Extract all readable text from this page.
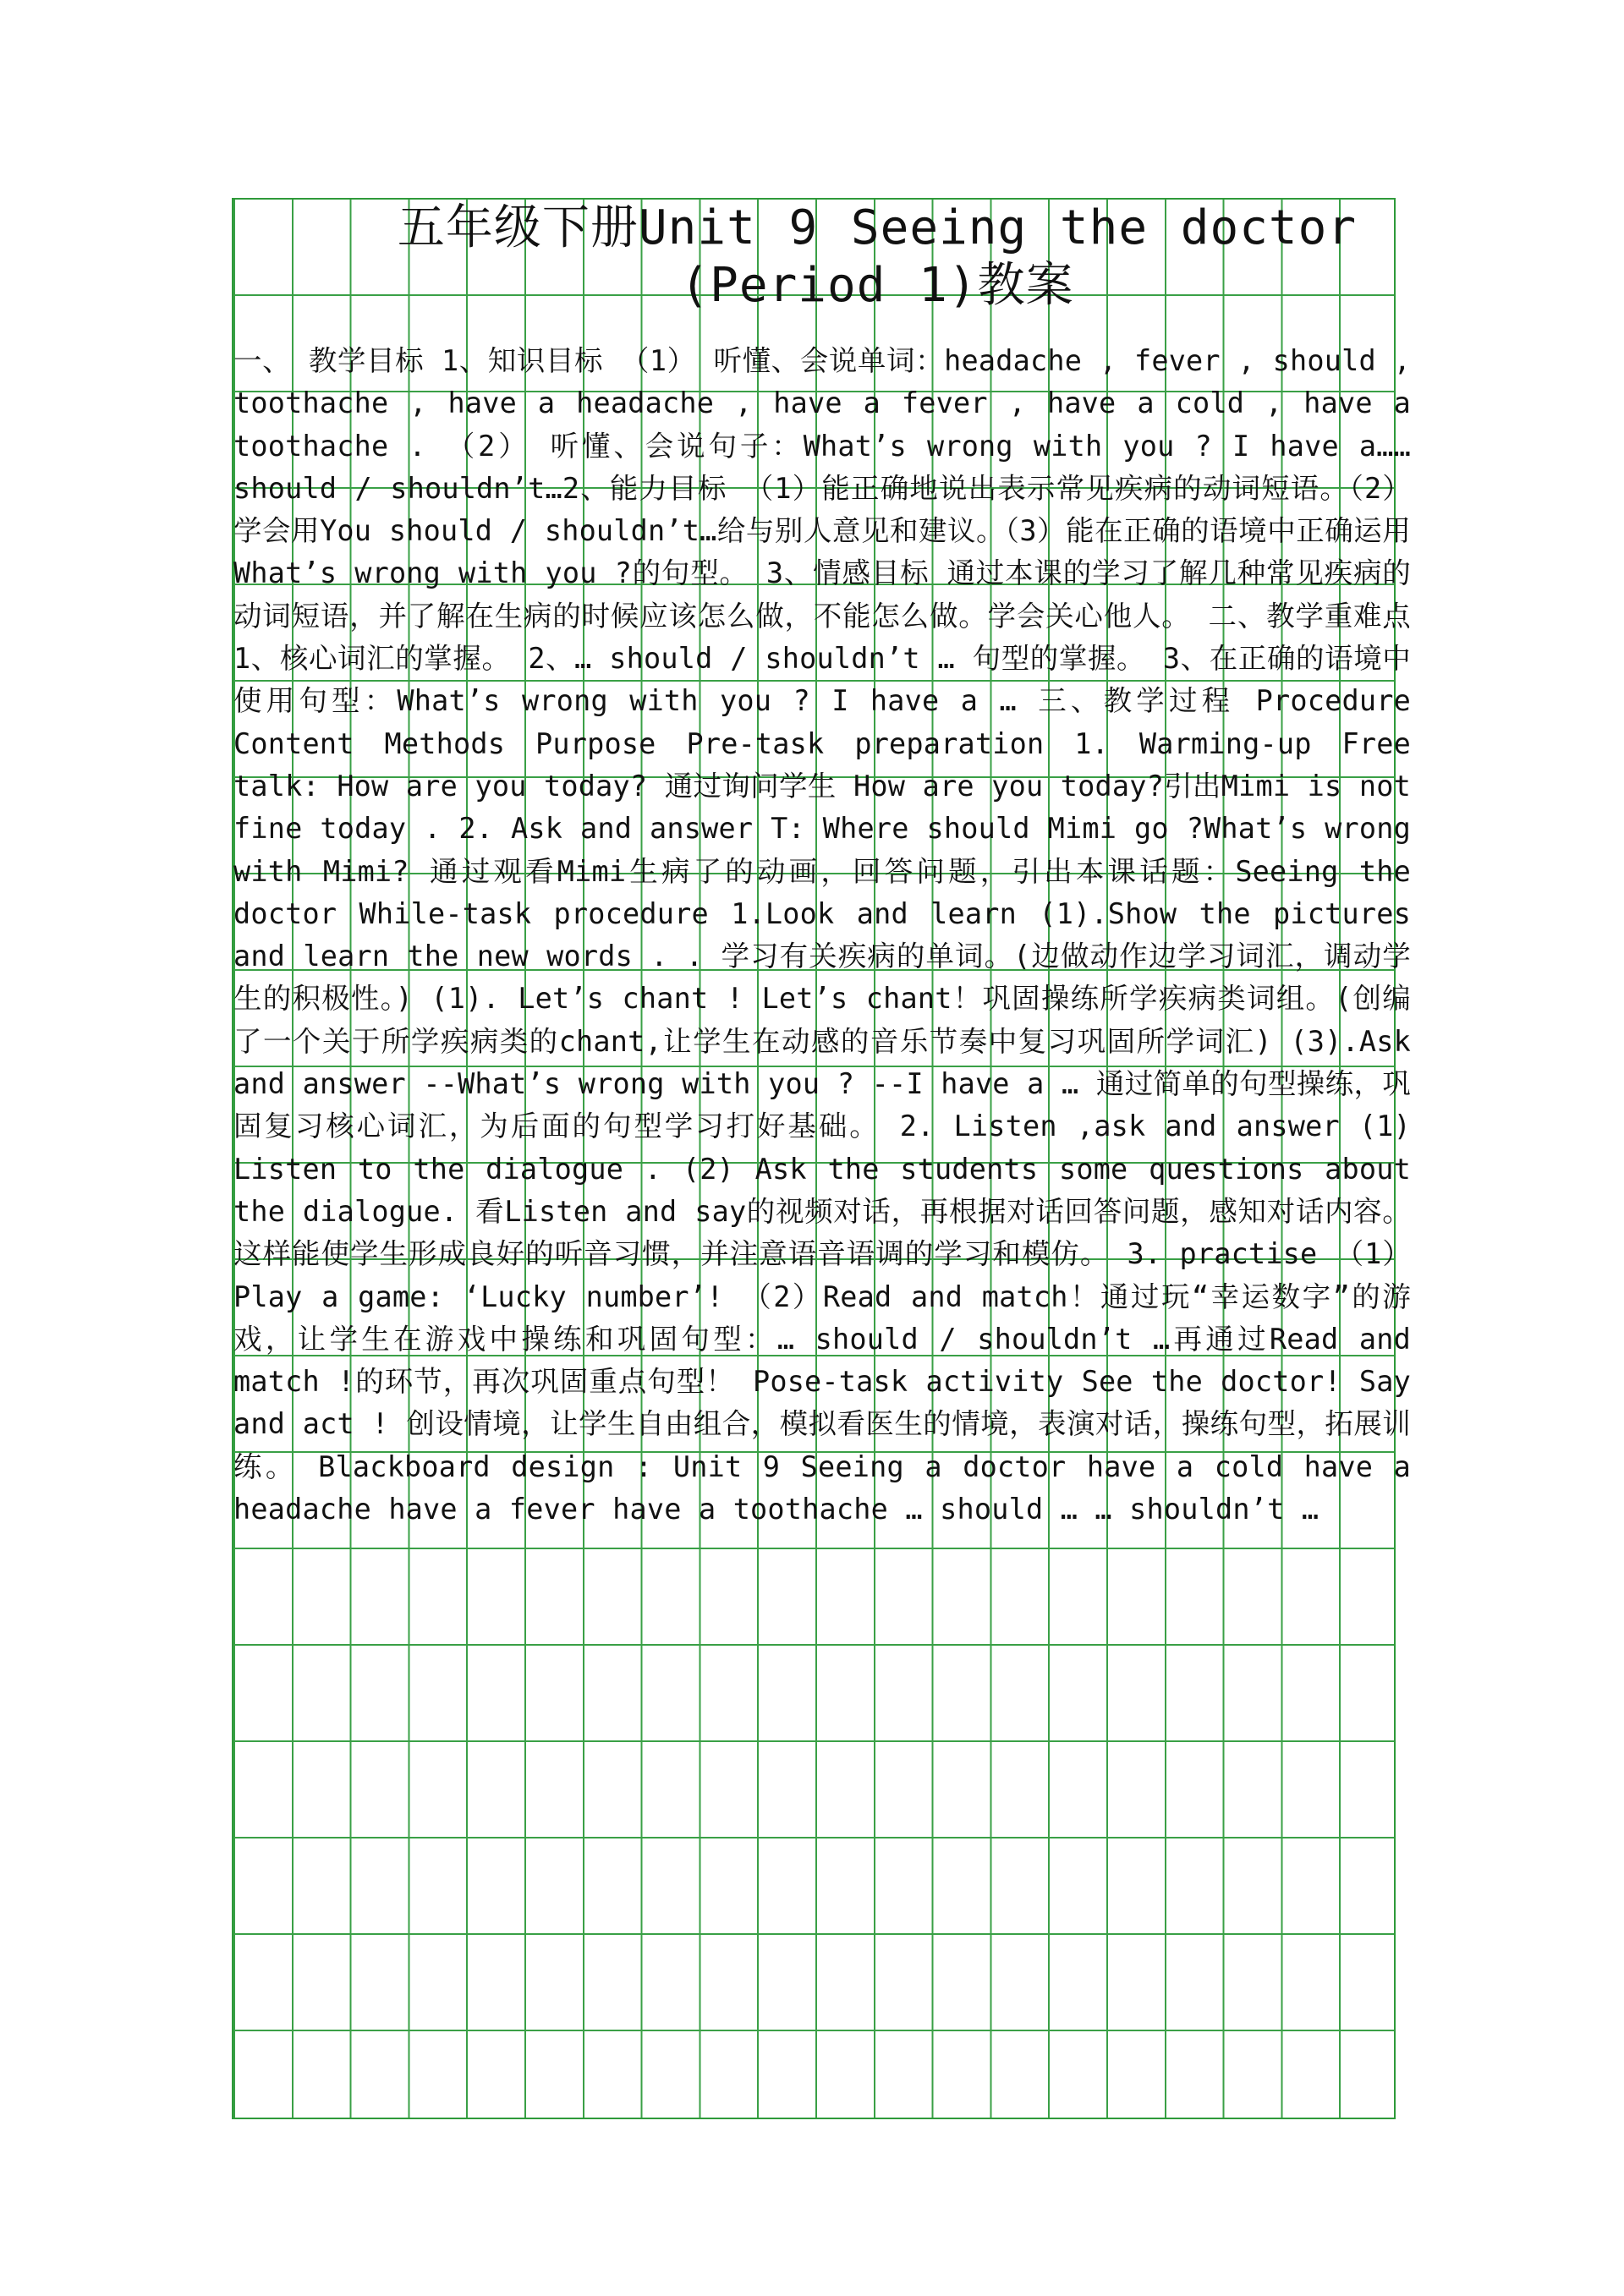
五年级下册Unit 9 Seeing the doctor (Period 1)教案

一、 教学目标 1、知识目标 （1） 听懂、会说单词：headache , fever , should , toothache , have a headache , have a fever , have a cold , have a toothache . （2） 听懂、会说句子：What’s wrong with you ? I have a……should / shouldn’t…2、能力目标 （1）能正确地说出表示常见疾病的动词短语。（2）学会用You should / shouldn’t…给与别人意见和建议。（3）能在正确的语境中正确运用What’s wrong with you ?的句型。 3、情感目标 通过本课的学习了解几种常见疾病的动词短语，并了解在生病的时候应该怎么做，不能怎么做。学会关心他人。 二、教学重难点 1、核心词汇的掌握。 2、… should / shouldn’t … 句型的掌握。 3、在正确的语境中使用句型：What’s wrong with you ? I have a … 三、教学过程 Procedure Content Methods Purpose Pre-task preparation 1. Warming-up Free talk: How are you today? 通过询问学生 How are you today?引出Mimi is not fine today . 2. Ask and answer T: Where should Mimi go ?What’s wrong with Mimi? 通过观看Mimi生病了的动画，回答问题，引出本课话题：Seeing the doctor While-task procedure 1.Look and learn (1).Show the pictures and learn the new words . . 学习有关疾病的单词。(边做动作边学习词汇，调动学生的积极性。) (1). Let’s chant ! Let’s chant！巩固操练所学疾病类词组。(创编了一个关于所学疾病类的chant,让学生在动感的音乐节奏中复习巩固所学词汇) (3).Ask and answer --What’s wrong with you ? --I have a … 通过简单的句型操练，巩固复习核心词汇，为后面的句型学习打好基础。 2. Listen ,ask and answer (1) Listen to the dialogue . (2) Ask the students some questions about the dialogue. 看Listen and say的视频对话，再根据对话回答问题，感知对话内容。这样能使学生形成良好的听音习惯，并注意语音语调的学习和模仿。 3. practise （1）Play a game: ‘Lucky number’! （2）Read and match！通过玩“幸运数字”的游戏，让学生在游戏中操练和巩固句型：… should / shouldn’t …再通过Read and match !的环节，再次巩固重点句型！ Pose-task activity See the doctor! Say and act ! 创设情境，让学生自由组合，模拟看医生的情境，表演对话，操练句型，拓展训练。 Blackboard design : Unit 9 Seeing a doctor have a cold have a headache have a fever have a toothache … should … … shouldn’t …
